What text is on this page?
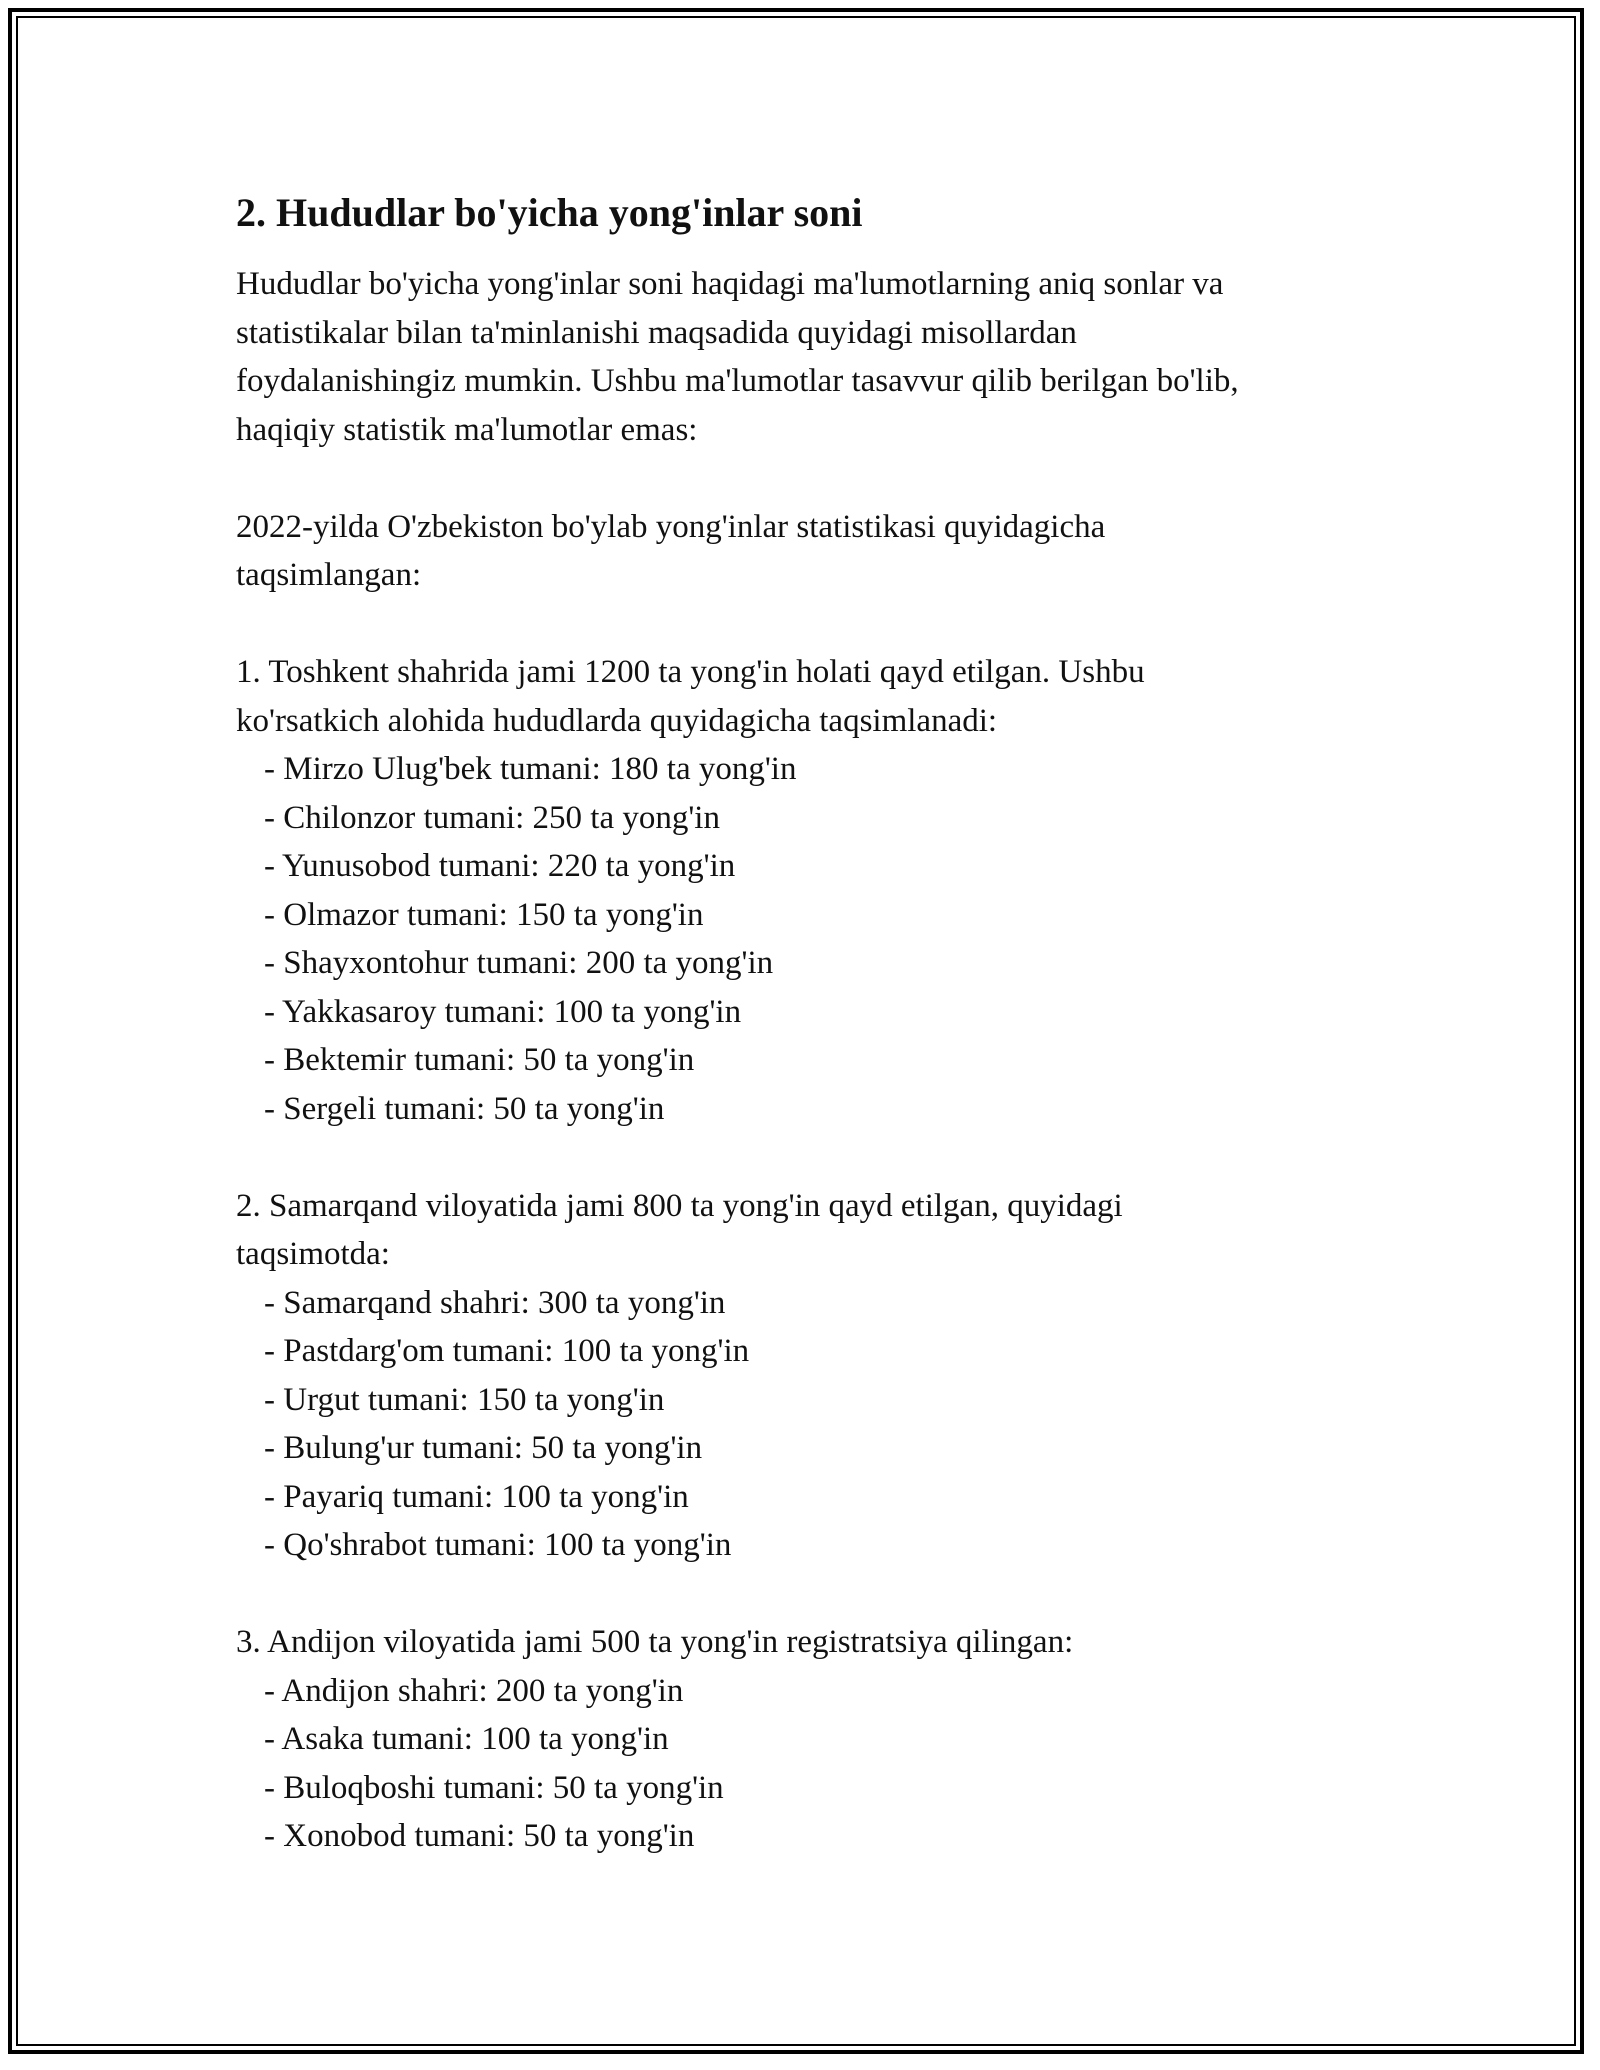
2. Hududlar bo'yicha yong'inlar soni

Hududlar bo'yicha yong'inlar soni haqidagi ma'lumotlarning aniq sonlar va

statistikalar bilan ta'minlanishi maqsadida quyidagi misollardan

foydalanishingiz mumkin. Ushbu ma'lumotlar tasavvur qilib berilgan bo'lib,

haqiqiy statistik ma'lumotlar emas:

2022-yilda O'zbekiston bo'ylab yong'inlar statistikasi quyidagicha

taqsimlangan:

1. Toshkent shahrida jami 1200 ta yong'in holati qayd etilgan. Ushbu

ko'rsatkich alohida hududlarda quyidagicha taqsimlanadi:

- Mirzo Ulug'bek tumani: 180 ta yong'in

- Chilonzor tumani: 250 ta yong'in

- Yunusobod tumani: 220 ta yong'in

- Olmazor tumani: 150 ta yong'in

- Shayxontohur tumani: 200 ta yong'in

- Yakkasaroy tumani: 100 ta yong'in

- Bektemir tumani: 50 ta yong'in

- Sergeli tumani: 50 ta yong'in

2. Samarqand viloyatida jami 800 ta yong'in qayd etilgan, quyidagi

taqsimotda:

- Samarqand shahri: 300 ta yong'in

- Pastdarg'om tumani: 100 ta yong'in

- Urgut tumani: 150 ta yong'in

- Bulung'ur tumani: 50 ta yong'in

- Payariq tumani: 100 ta yong'in

- Qo'shrabot tumani: 100 ta yong'in

3. Andijon viloyatida jami 500 ta yong'in registratsiya qilingan:

- Andijon shahri: 200 ta yong'in

- Asaka tumani: 100 ta yong'in

- Buloqboshi tumani: 50 ta yong'in

- Xonobod tumani: 50 ta yong'in
